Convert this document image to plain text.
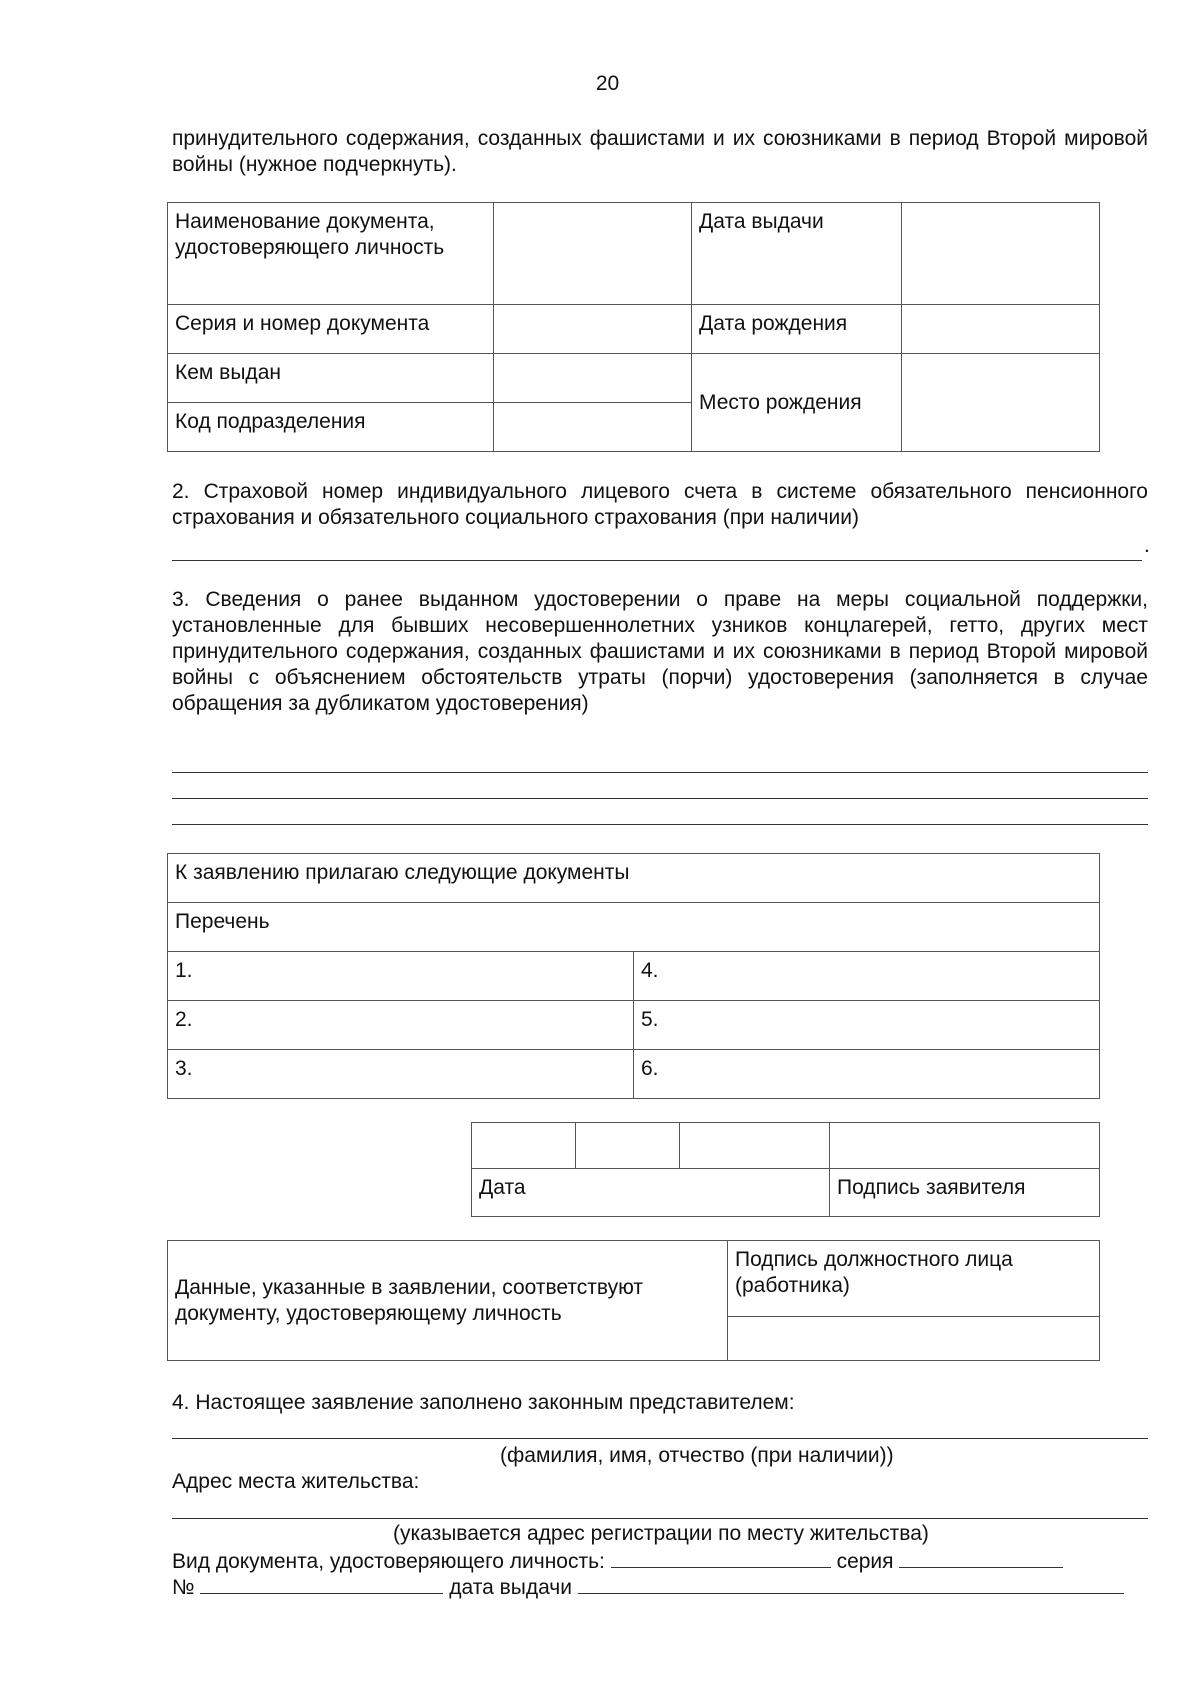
20

принудительного содержания, созданных фашистами и их союзниками в период Второй мировой войны (нужное подчеркнуть).

Наименование документа, удостоверяющего личность		Дата выдачи	
Серия и номер документа		Дата рождения	
Кем выдан		Место рождения	
Код подразделения			

2. Страховой номер индивидуального лицевого счета в системе обязательного пенсионного страхования и обязательного социального страхования (при наличии)

.

3. Сведения о ранее выданном удостоверении о праве на меры социальной поддержки, установленные для бывших несовершеннолетних узников концлагерей, гетто, других мест принудительного содержания, созданных фашистами и их союзниками в период Второй мировой войны с объяснением обстоятельств утраты (порчи) удостоверения (заполняется в случае обращения за дубликатом удостоверения)

К заявлению прилагаю следующие документы	
Перечень	
1.	4.
2.	5.
3.	6.

Дата			Подпись заявителя
Данные, указанные в заявлении, соответствуют документу, удостоверяющему личность	Подпись должностного лица (работника)

4. Настоящее заявление заполнено законным представителем:
(фамилия, имя, отчество (при наличии))
Адрес места жительства:
(указывается адрес регистрации по месту жительства)
Вид документа, удостоверяющего личность:	серия
№	дата выдачи
